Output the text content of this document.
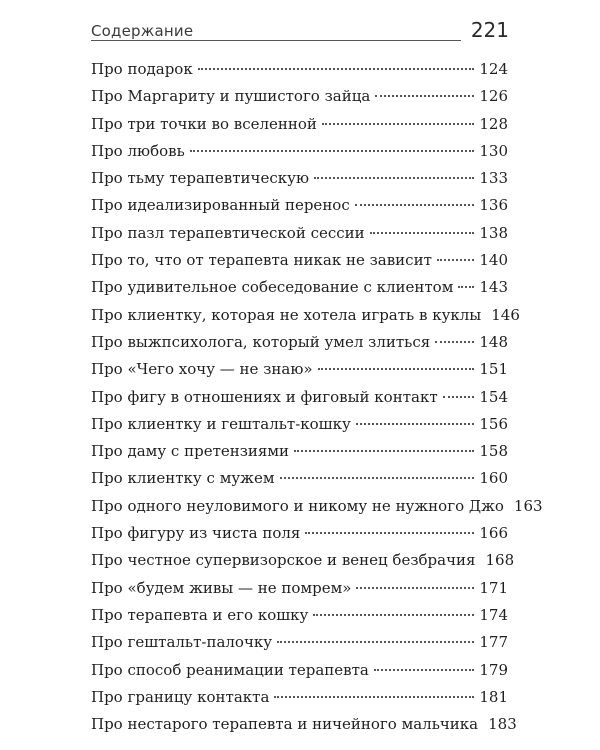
Содержание	221
Про подарок	124
Про Маргариту и пушистого зайца	126
Про три точки во вселенной	128
Про любовь	130
Про тьму терапевтическую	133
Про идеализированный перенос	136
Про пазл терапевтической сессии	138
Про то, что от терапевта никак не зависит	140
Про удивительное собеседование с клиентом 143
Про клиентку, которая не хотела играть в куклы 146
Про выжпсихолога, который умел злиться	148
Про «Чего хочу — не знаю»	151
Про фигу в отношениях и фиговый контакт	154
Про клиентку и гештальт-кошку	156
Про даму с претензиями	158
Про клиентку с мужем	160
Про одного неуловимого и никому не нужного Джо 163
Про фигуру из чиста поля	166
Про честное супервизорское и венец безбрачия 168
Про «будем живы — не помрем»	171
Про терапевта и его кошку	174
Про гештальт-палочку	177
Про способ реанимации терапевта	179
Про границу контакта	181
Про нестарого терапевта и ничейного мальчика 183
